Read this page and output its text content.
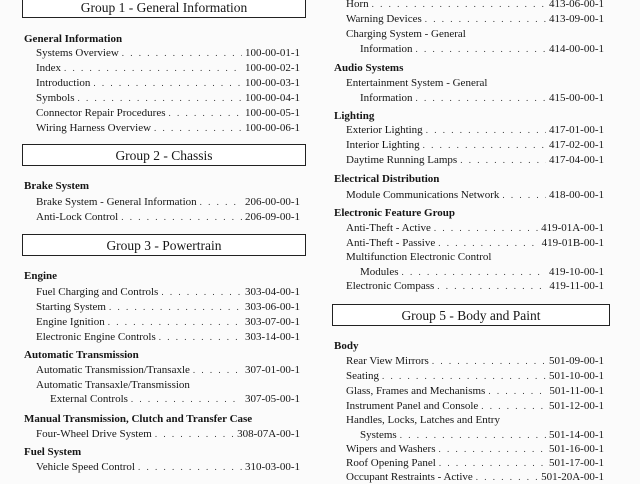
Group 1 - General Information
General Information
Systems Overview . . .	100-00-01-1
Index . . .	100-00-02-1
Introduction . . .	100-00-03-1
Symbols . . .	100-00-04-1
Connector Repair Procedures . . .	100-00-05-1
Wiring Harness Overview . . .	100-00-06-1
Group 2 - Chassis
Brake System
Brake System - General Information . . .	206-00-00-1
Anti-Lock Control . . .	206-09-00-1
Group 3 - Powertrain
Engine
Fuel Charging and Controls . . .	303-04-00-1
Starting System . . .	303-06-00-1
Engine Ignition . . .	303-07-00-1
Electronic Engine Controls . . .	303-14-00-1
Automatic Transmission
Automatic Transmission/Transaxle . . .	307-01-00-1
Automatic Transaxle/Transmission
External Controls . . .	307-05-00-1
Manual Transmission, Clutch and Transfer Case
Four-Wheel Drive System . . .	308-07A-00-1
Fuel System
Vehicle Speed Control . . .	310-03-00-1
Horn . . .	413-06-00-1
Warning Devices . . .	413-09-00-1
Charging System - General
Information . . .	414-00-00-1
Audio Systems
Entertainment System - General
Information . . .	415-00-00-1
Lighting
Exterior Lighting . . .	417-01-00-1
Interior Lighting . . .	417-02-00-1
Daytime Running Lamps . . .	417-04-00-1
Electrical Distribution
Module Communications Network . . .	418-00-00-1
Electronic Feature Group
Anti-Theft - Active . . .	419-01A-00-1
Anti-Theft - Passive . . .	419-01B-00-1
Multifunction Electronic Control
Modules . . .	419-10-00-1
Electronic Compass . . .	419-11-00-1
Group 5 - Body and Paint
Body
Rear View Mirrors . . .	501-09-00-1
Seating . . .	501-10-00-1
Glass, Frames and Mechanisms . . .	501-11-00-1
Instrument Panel and Console . . .	501-12-00-1
Handles, Locks, Latches and Entry
Systems . . .	501-14-00-1
Wipers and Washers . . .	501-16-00-1
Roof Opening Panel . . .	501-17-00-1
Occupant Restraints - Active . . .	501-20A-00-1
